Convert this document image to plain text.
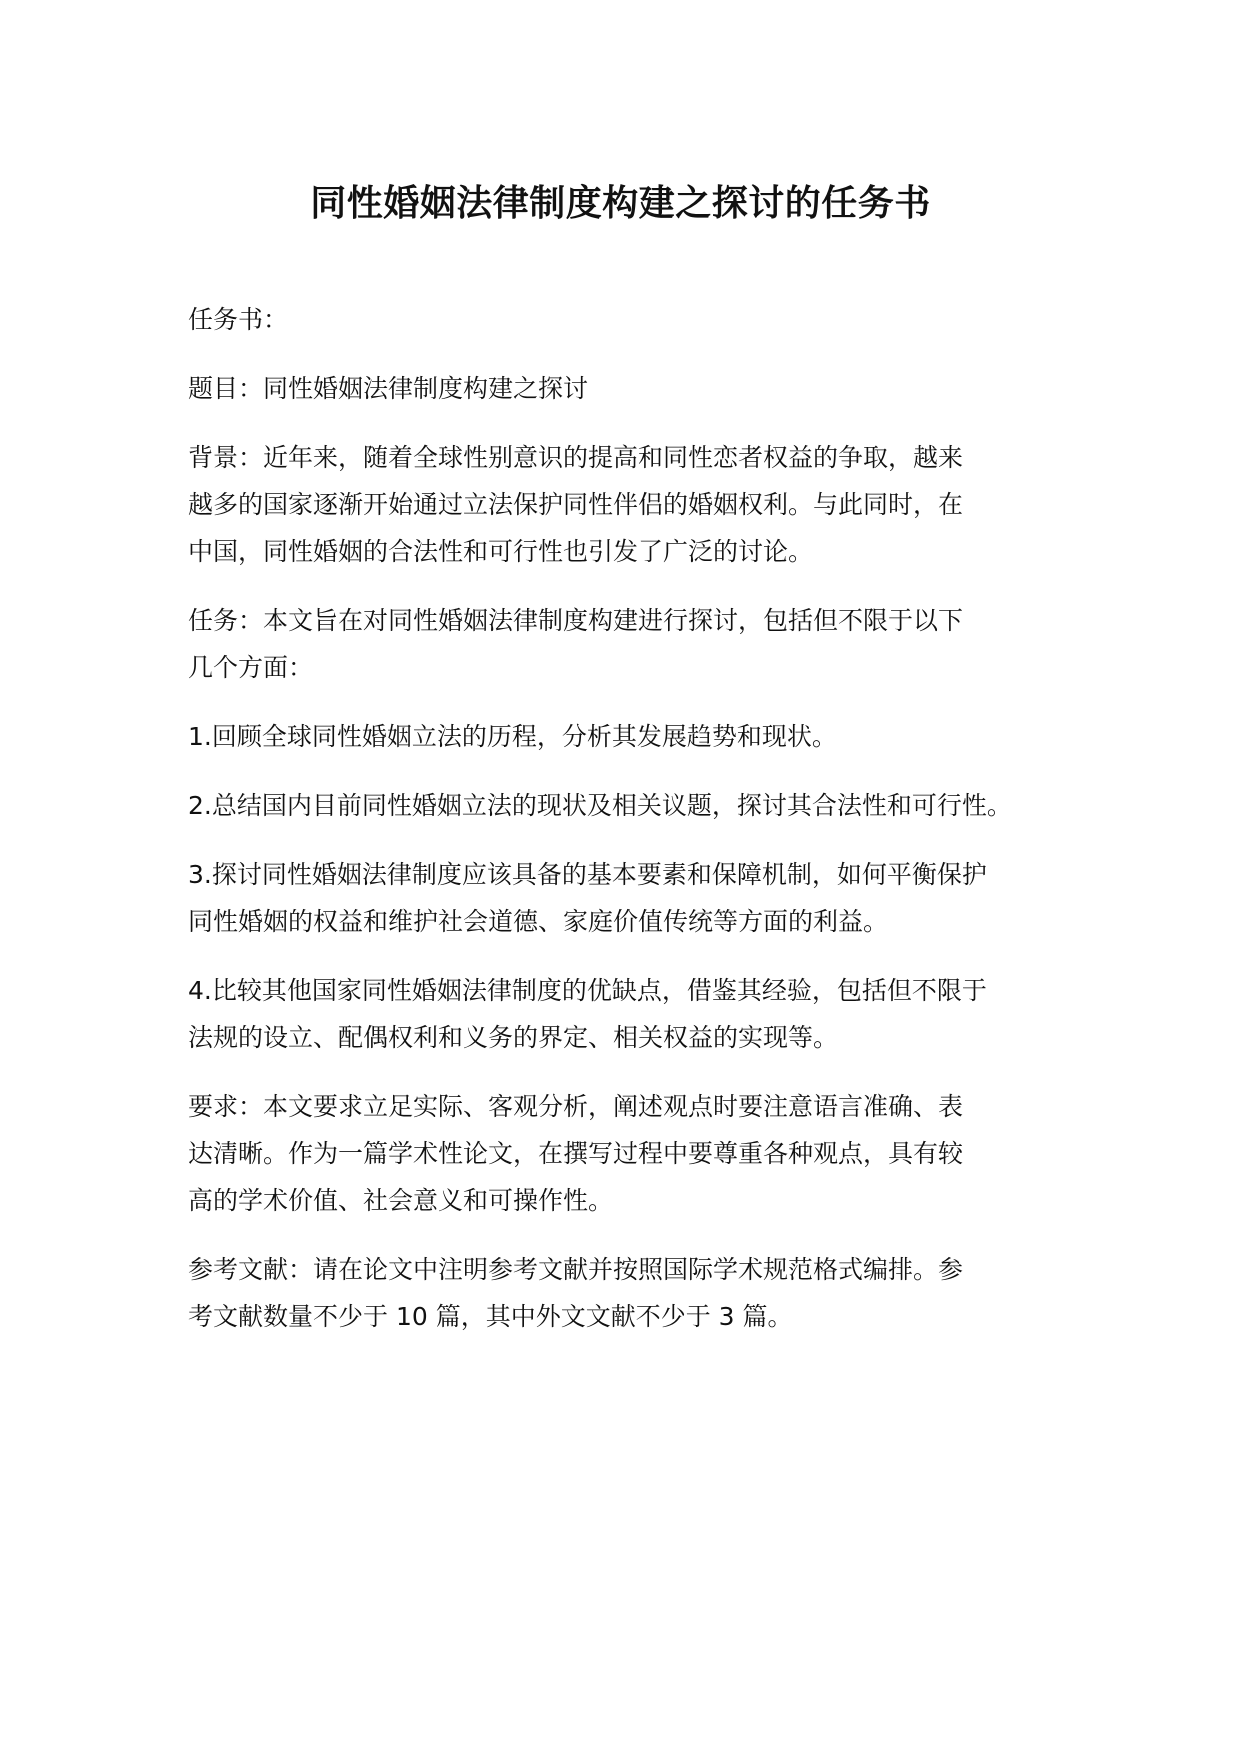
同性婚姻法律制度构建之探讨的任务书

任务书：

题目：同性婚姻法律制度构建之探讨

背景：近年来，随着全球性别意识的提高和同性恋者权益的争取，越来
越多的国家逐渐开始通过立法保护同性伴侣的婚姻权利。与此同时，在
中国，同性婚姻的合法性和可行性也引发了广泛的讨论。

任务：本文旨在对同性婚姻法律制度构建进行探讨，包括但不限于以下
几个方面：

1.回顾全球同性婚姻立法的历程，分析其发展趋势和现状。

2.总结国内目前同性婚姻立法的现状及相关议题，探讨其合法性和可行性。

3.探讨同性婚姻法律制度应该具备的基本要素和保障机制，如何平衡保护
同性婚姻的权益和维护社会道德、家庭价值传统等方面的利益。

4.比较其他国家同性婚姻法律制度的优缺点，借鉴其经验，包括但不限于
法规的设立、配偶权利和义务的界定、相关权益的实现等。

要求：本文要求立足实际、客观分析，阐述观点时要注意语言准确、表
达清晰。作为一篇学术性论文，在撰写过程中要尊重各种观点，具有较
高的学术价值、社会意义和可操作性。

参考文献：请在论文中注明参考文献并按照国际学术规范格式编排。参
考文献数量不少于 10 篇，其中外文文献不少于 3 篇。
